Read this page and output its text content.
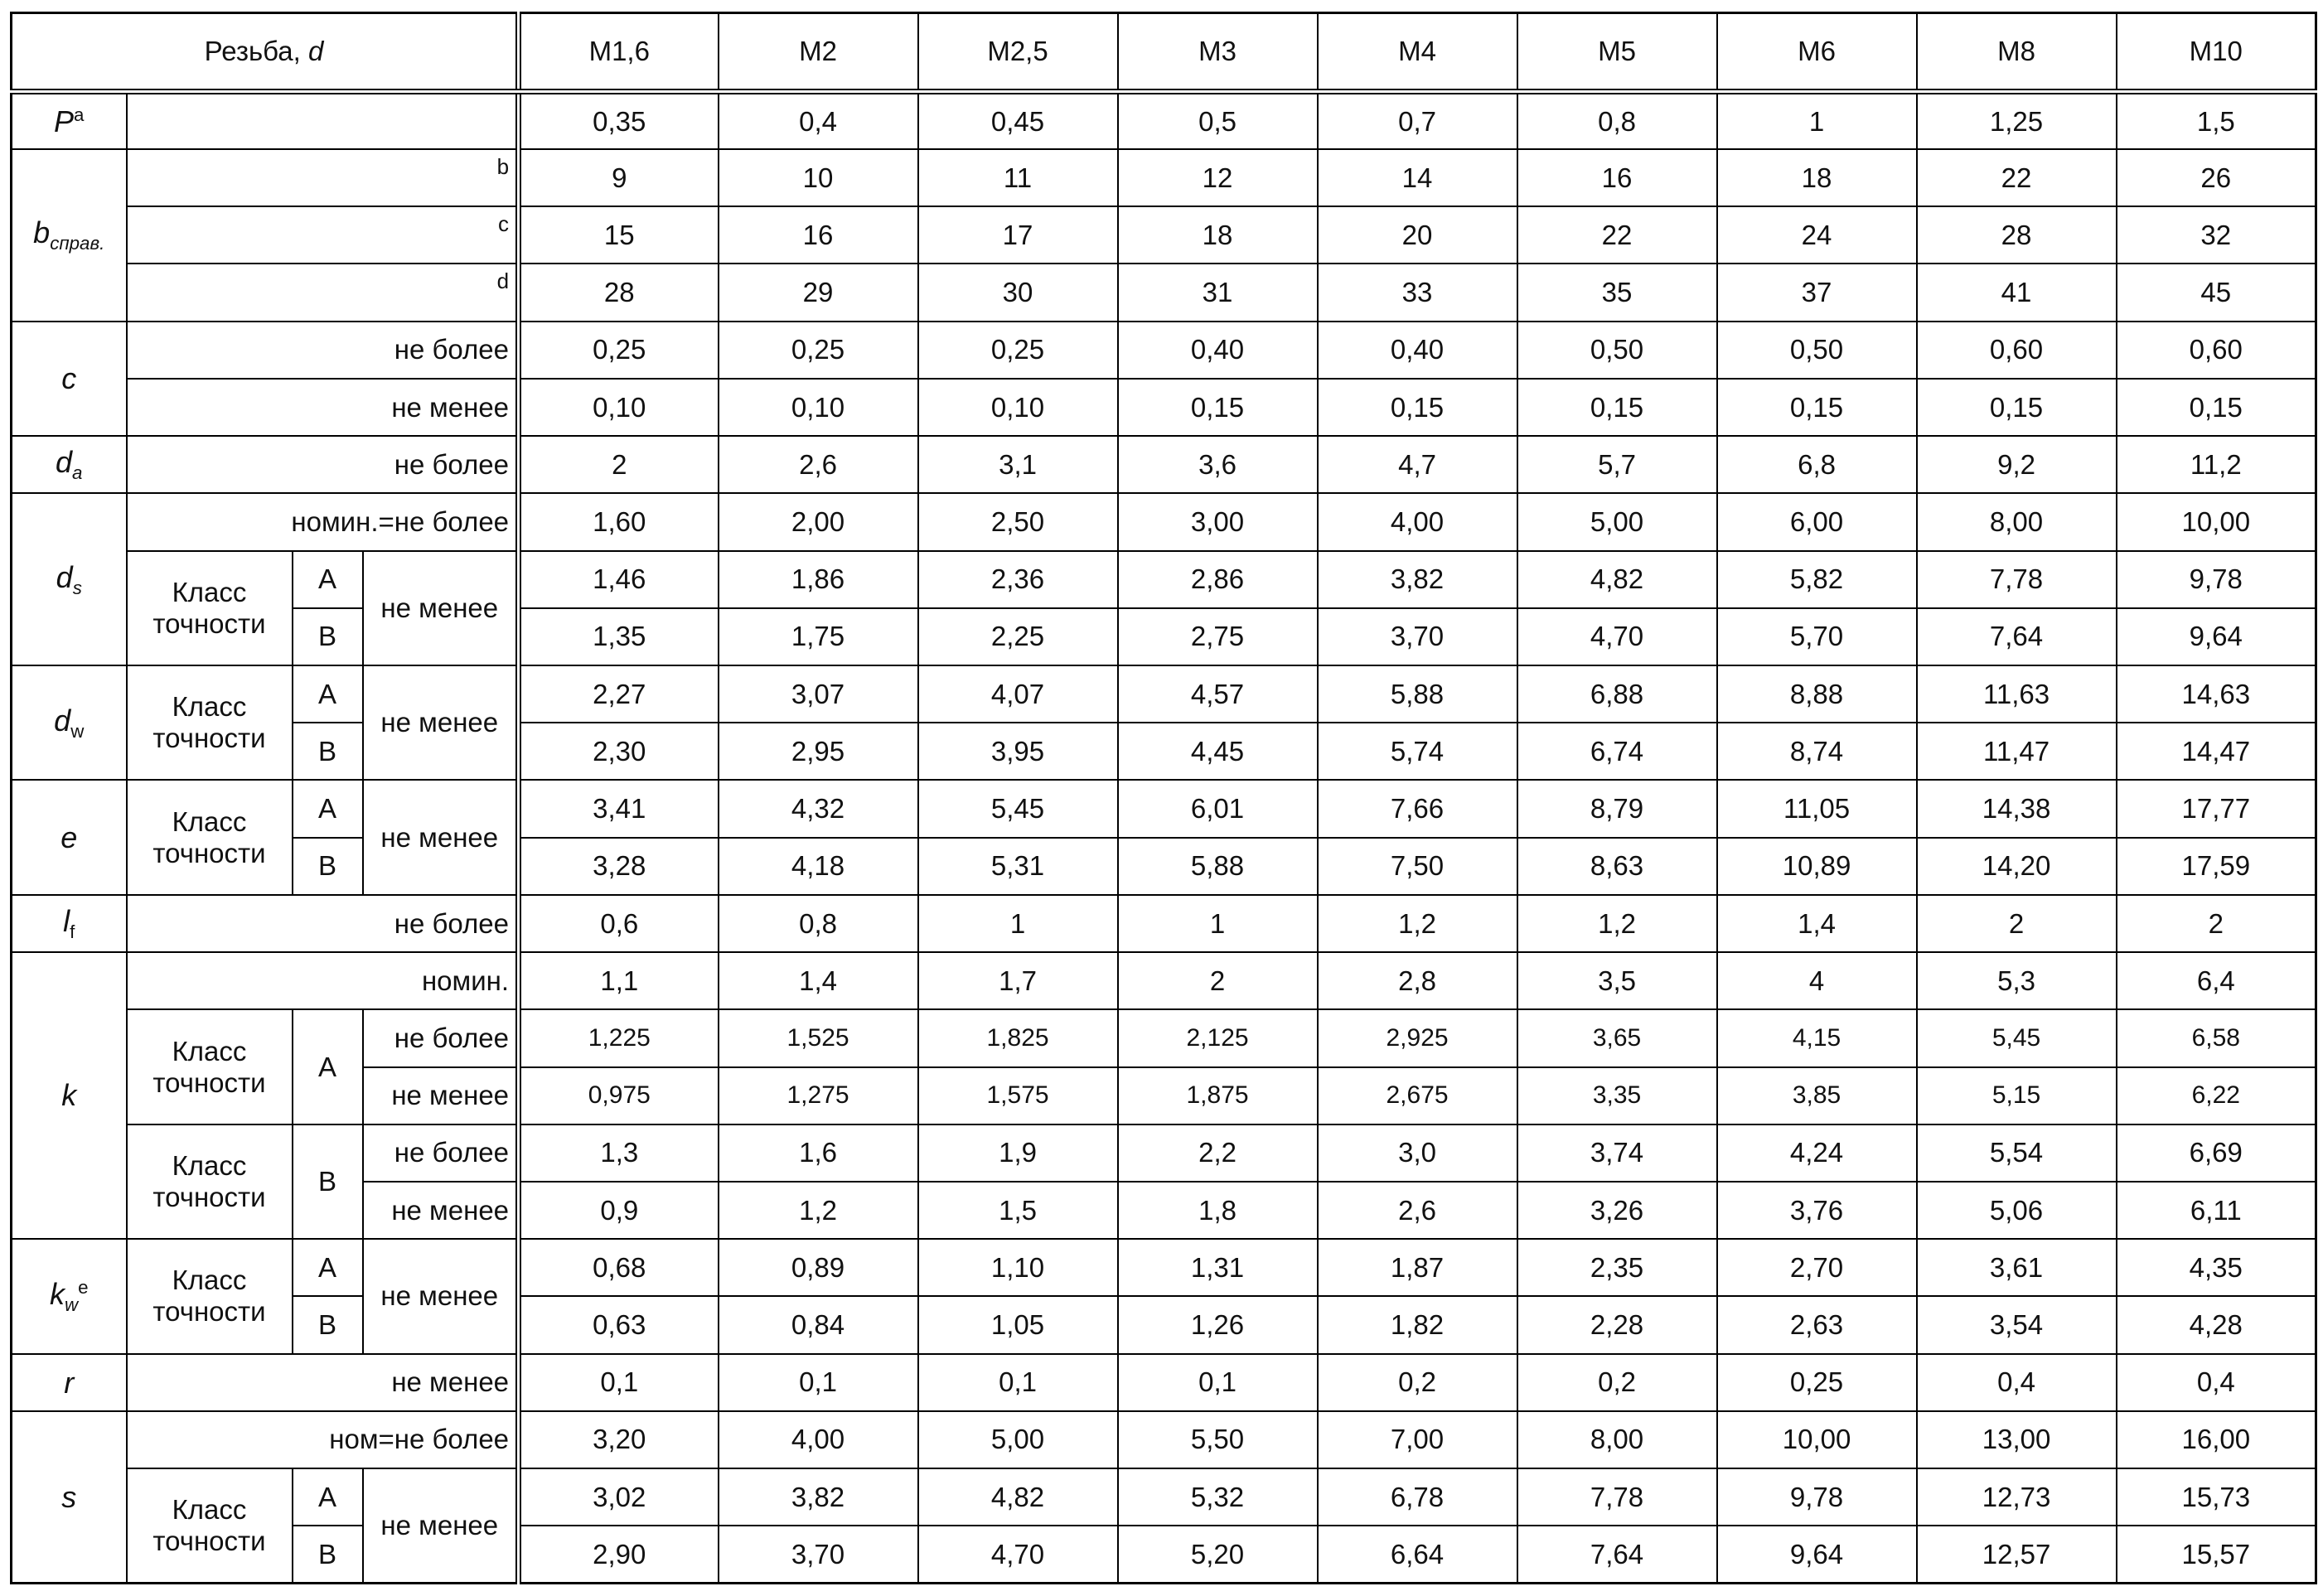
Резьба, d				M1,6	M2	M2,5	M3	M4	M5	M6	M8	M10
$P^a$				0,35	0,4	0,45	0,5	0,7	0,8	1	1,25	1,5
$b_{справ.}$	b			9	10	11	12	14	16	18	22	26
	c			15	16	17	18	20	22	24	28	32
	d			28	29	30	31	33	35	37	41	45
c	не более			0,25	0,25	0,25	0,40	0,40	0,50	0,50	0,60	0,60
	не менее			0,10	0,10	0,10	0,15	0,15	0,15	0,15	0,15	0,15
$d_a$	не более			2	2,6	3,1	3,6	4,7	5,7	6,8	9,2	11,2
$d_s$	номин.=не более			1,60	2,00	2,50	3,00	4,00	5,00	6,00	8,00	10,00
	Класс точности	A	не менее	1,46	1,86	2,36	2,86	3,82	4,82	5,82	7,78	9,78
		B		1,35	1,75	2,25	2,75	3,70	4,70	5,70	7,64	9,64
$d_w$	Класс точности	A	не менее	2,27	3,07	4,07	4,57	5,88	6,88	8,88	11,63	14,63
		B		2,30	2,95	3,95	4,45	5,74	6,74	8,74	11,47	14,47
e	Класс точности	A	не менее	3,41	4,32	5,45	6,01	7,66	8,79	11,05	14,38	17,77
		B		3,28	4,18	5,31	5,88	7,50	8,63	10,89	14,20	17,59
$l_f$	не более			0,6	0,8	1	1	1,2	1,2	1,4	2	2
k	номин.			1,1	1,4	1,7	2	2,8	3,5	4	5,3	6,4
	Класс точности	A	не более	1,225	1,525	1,825	2,125	2,925	3,65	4,15	5,45	6,58
			не менее	0,975	1,275	1,575	1,875	2,675	3,35	3,85	5,15	6,22
	Класс точности	B	не более	1,3	1,6	1,9	2,2	3,0	3,74	4,24	5,54	6,69
			не менее	0,9	1,2	1,5	1,8	2,6	3,26	3,76	5,06	6,11
$k_w^e$	Класс точности	A	не менее	0,68	0,89	1,10	1,31	1,87	2,35	2,70	3,61	4,35
		B		0,63	0,84	1,05	1,26	1,82	2,28	2,63	3,54	4,28
r	не менее			0,1	0,1	0,1	0,1	0,2	0,2	0,25	0,4	0,4
s	ном=не более			3,20	4,00	5,00	5,50	7,00	8,00	10,00	13,00	16,00
	Класс точности	A	не менее	3,02	3,82	4,82	5,32	6,78	7,78	9,78	12,73	15,73
		B		2,90	3,70	4,70	5,20	6,64	7,64	9,64	12,57	15,57
